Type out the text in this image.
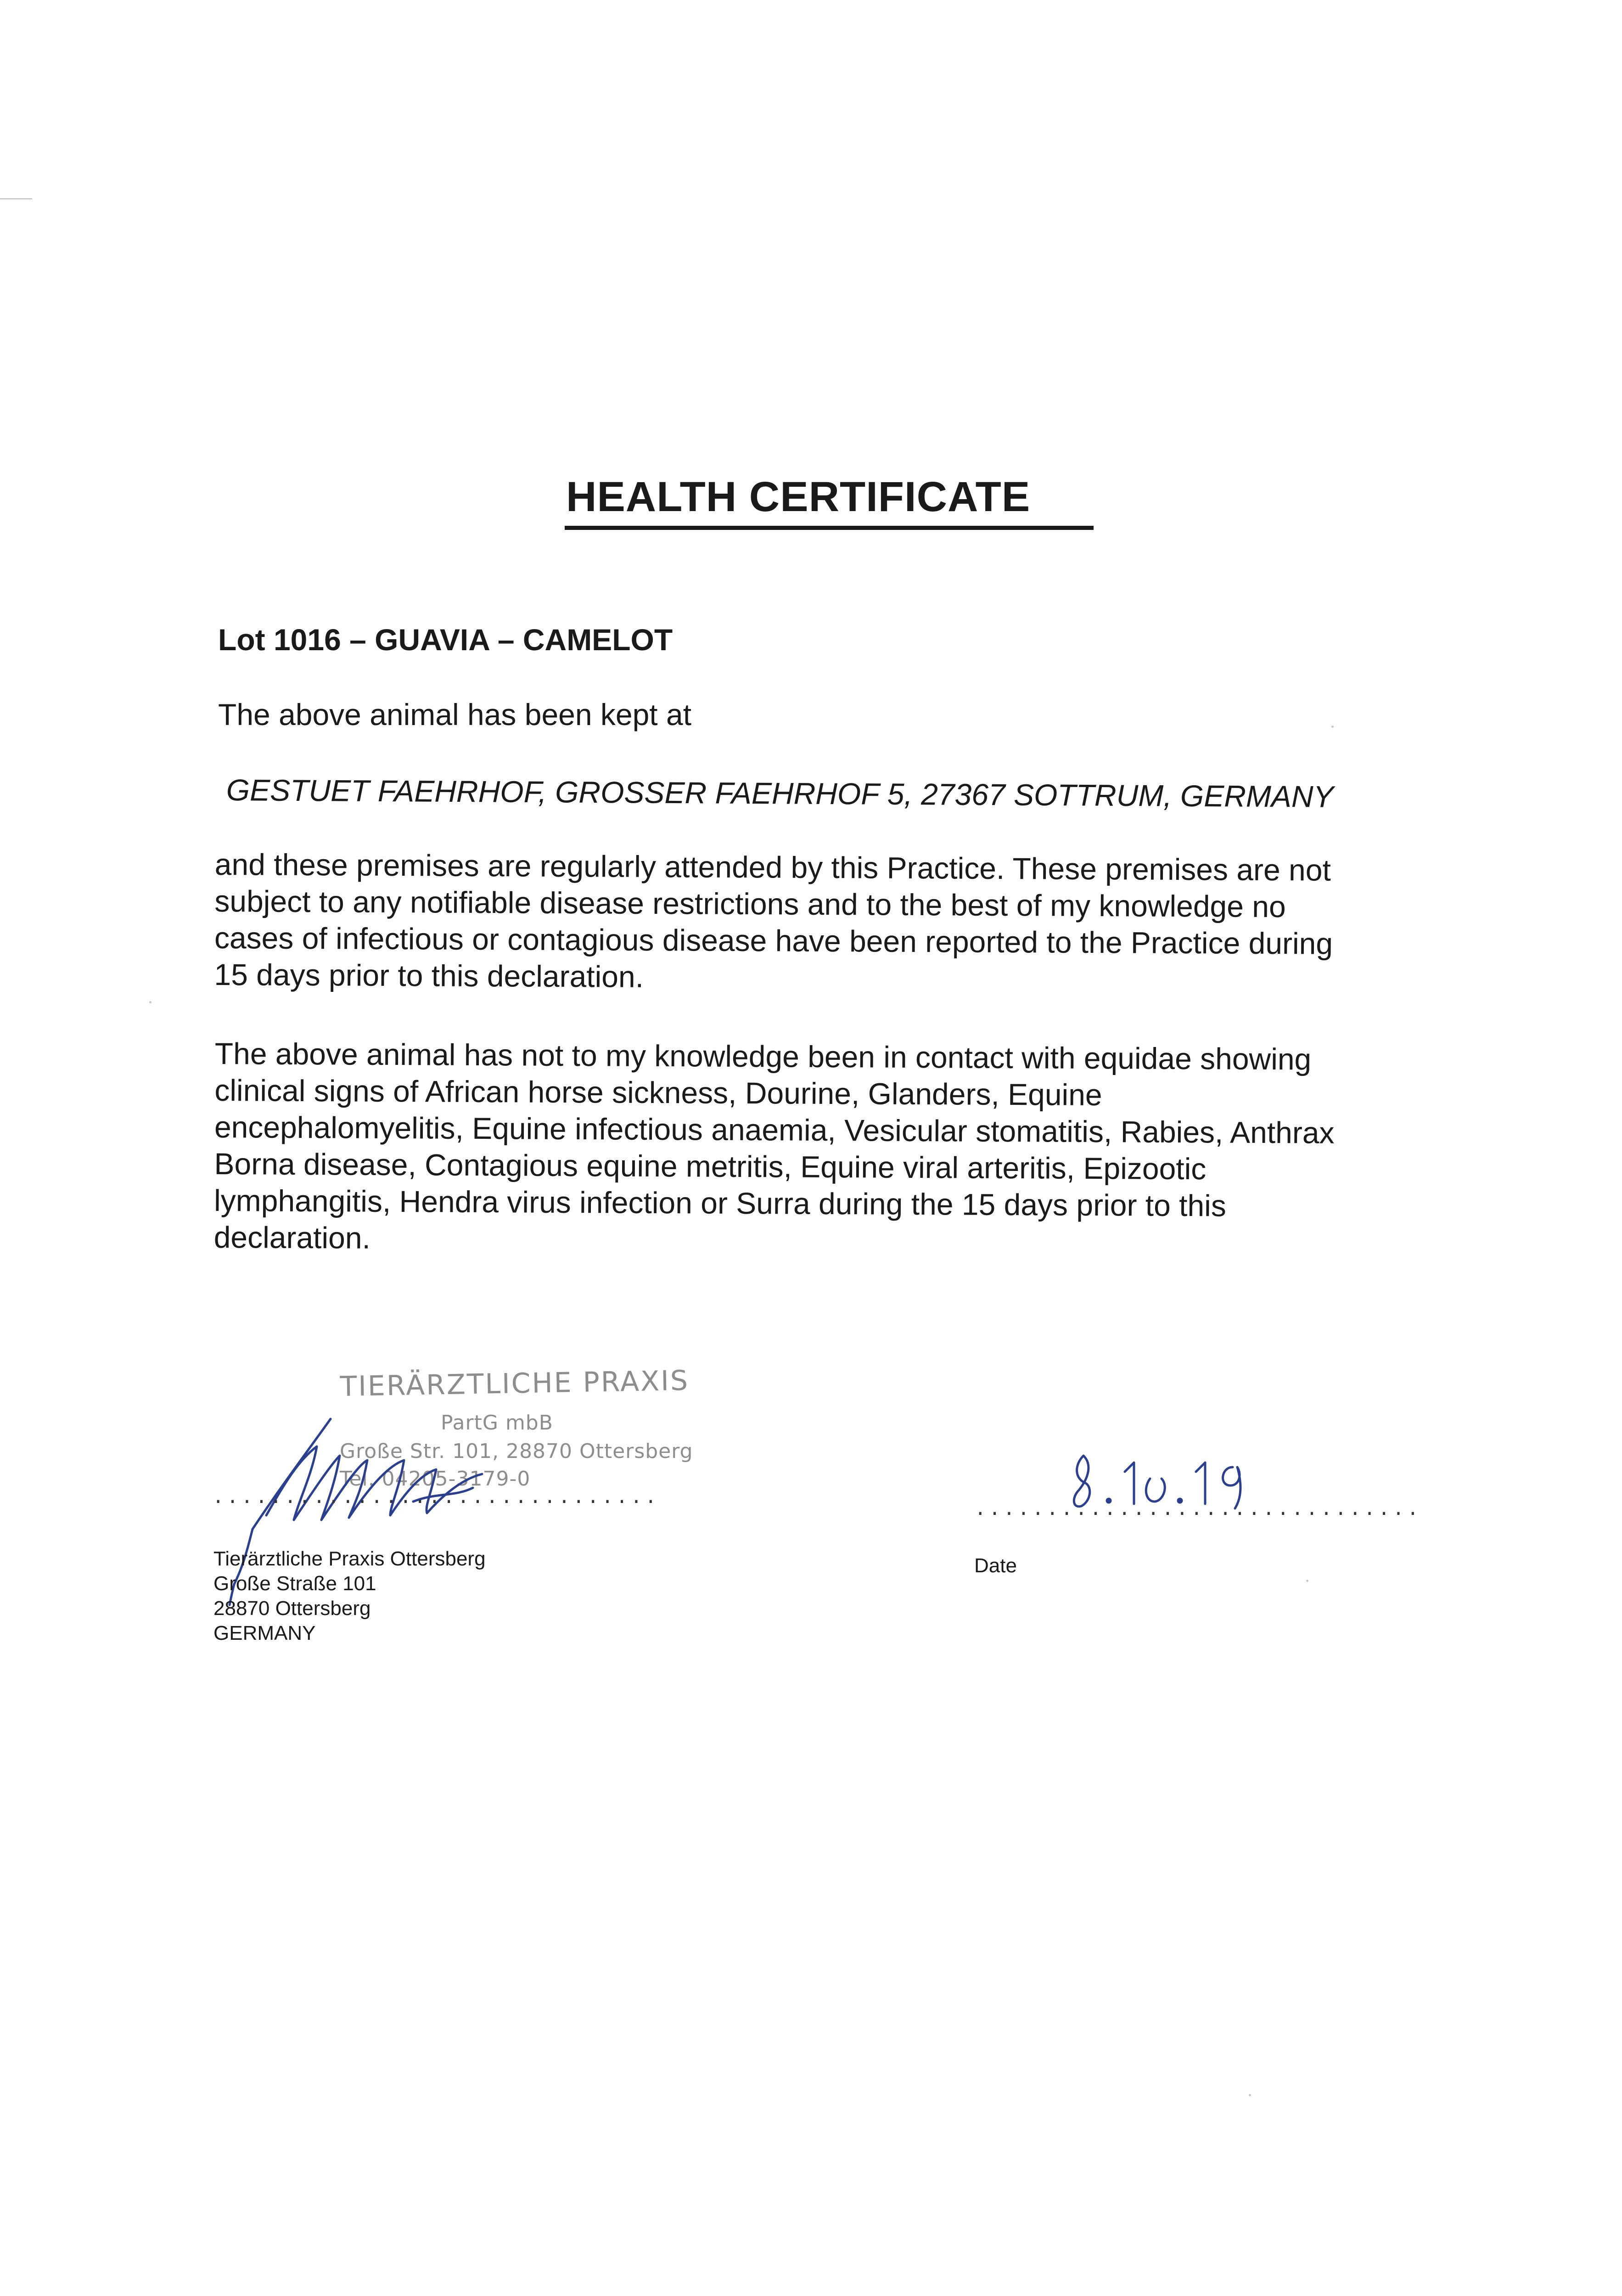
HEALTH CERTIFICATE

Lot 1016 – GUAVIA – CAMELOT

The above animal has been kept at

GESTUET FAEHRHOF, GROSSER FAEHRHOF 5, 27367 SOTTRUM, GERMANY

and these premises are regularly attended by this Practice. These premises are not
subject to any notifiable disease restrictions and to the best of my knowledge no
cases of infectious or contagious disease have been reported to the Practice during
15 days prior to this declaration.
The above animal has not to my knowledge been in contact with equidae showing
clinical signs of African horse sickness, Dourine, Glanders, Equine
encephalomyelitis, Equine infectious anaemia, Vesicular stomatitis, Rabies, Anthrax
Borna disease, Contagious equine metritis, Equine viral arteritis, Epizootic
lymphangitis, Hendra virus infection or Surra during the 15 days prior to this
declaration.
TIERÄRZTLICHE PRAXIS
PartG mbB
Große Str. 101, 28870 Ottersberg
Tel. 04205-3179-0
...............................
Tierärztliche Praxis Ottersberg
Große Straße 101
28870 Ottersberg
GERMANY
...............................
Date
